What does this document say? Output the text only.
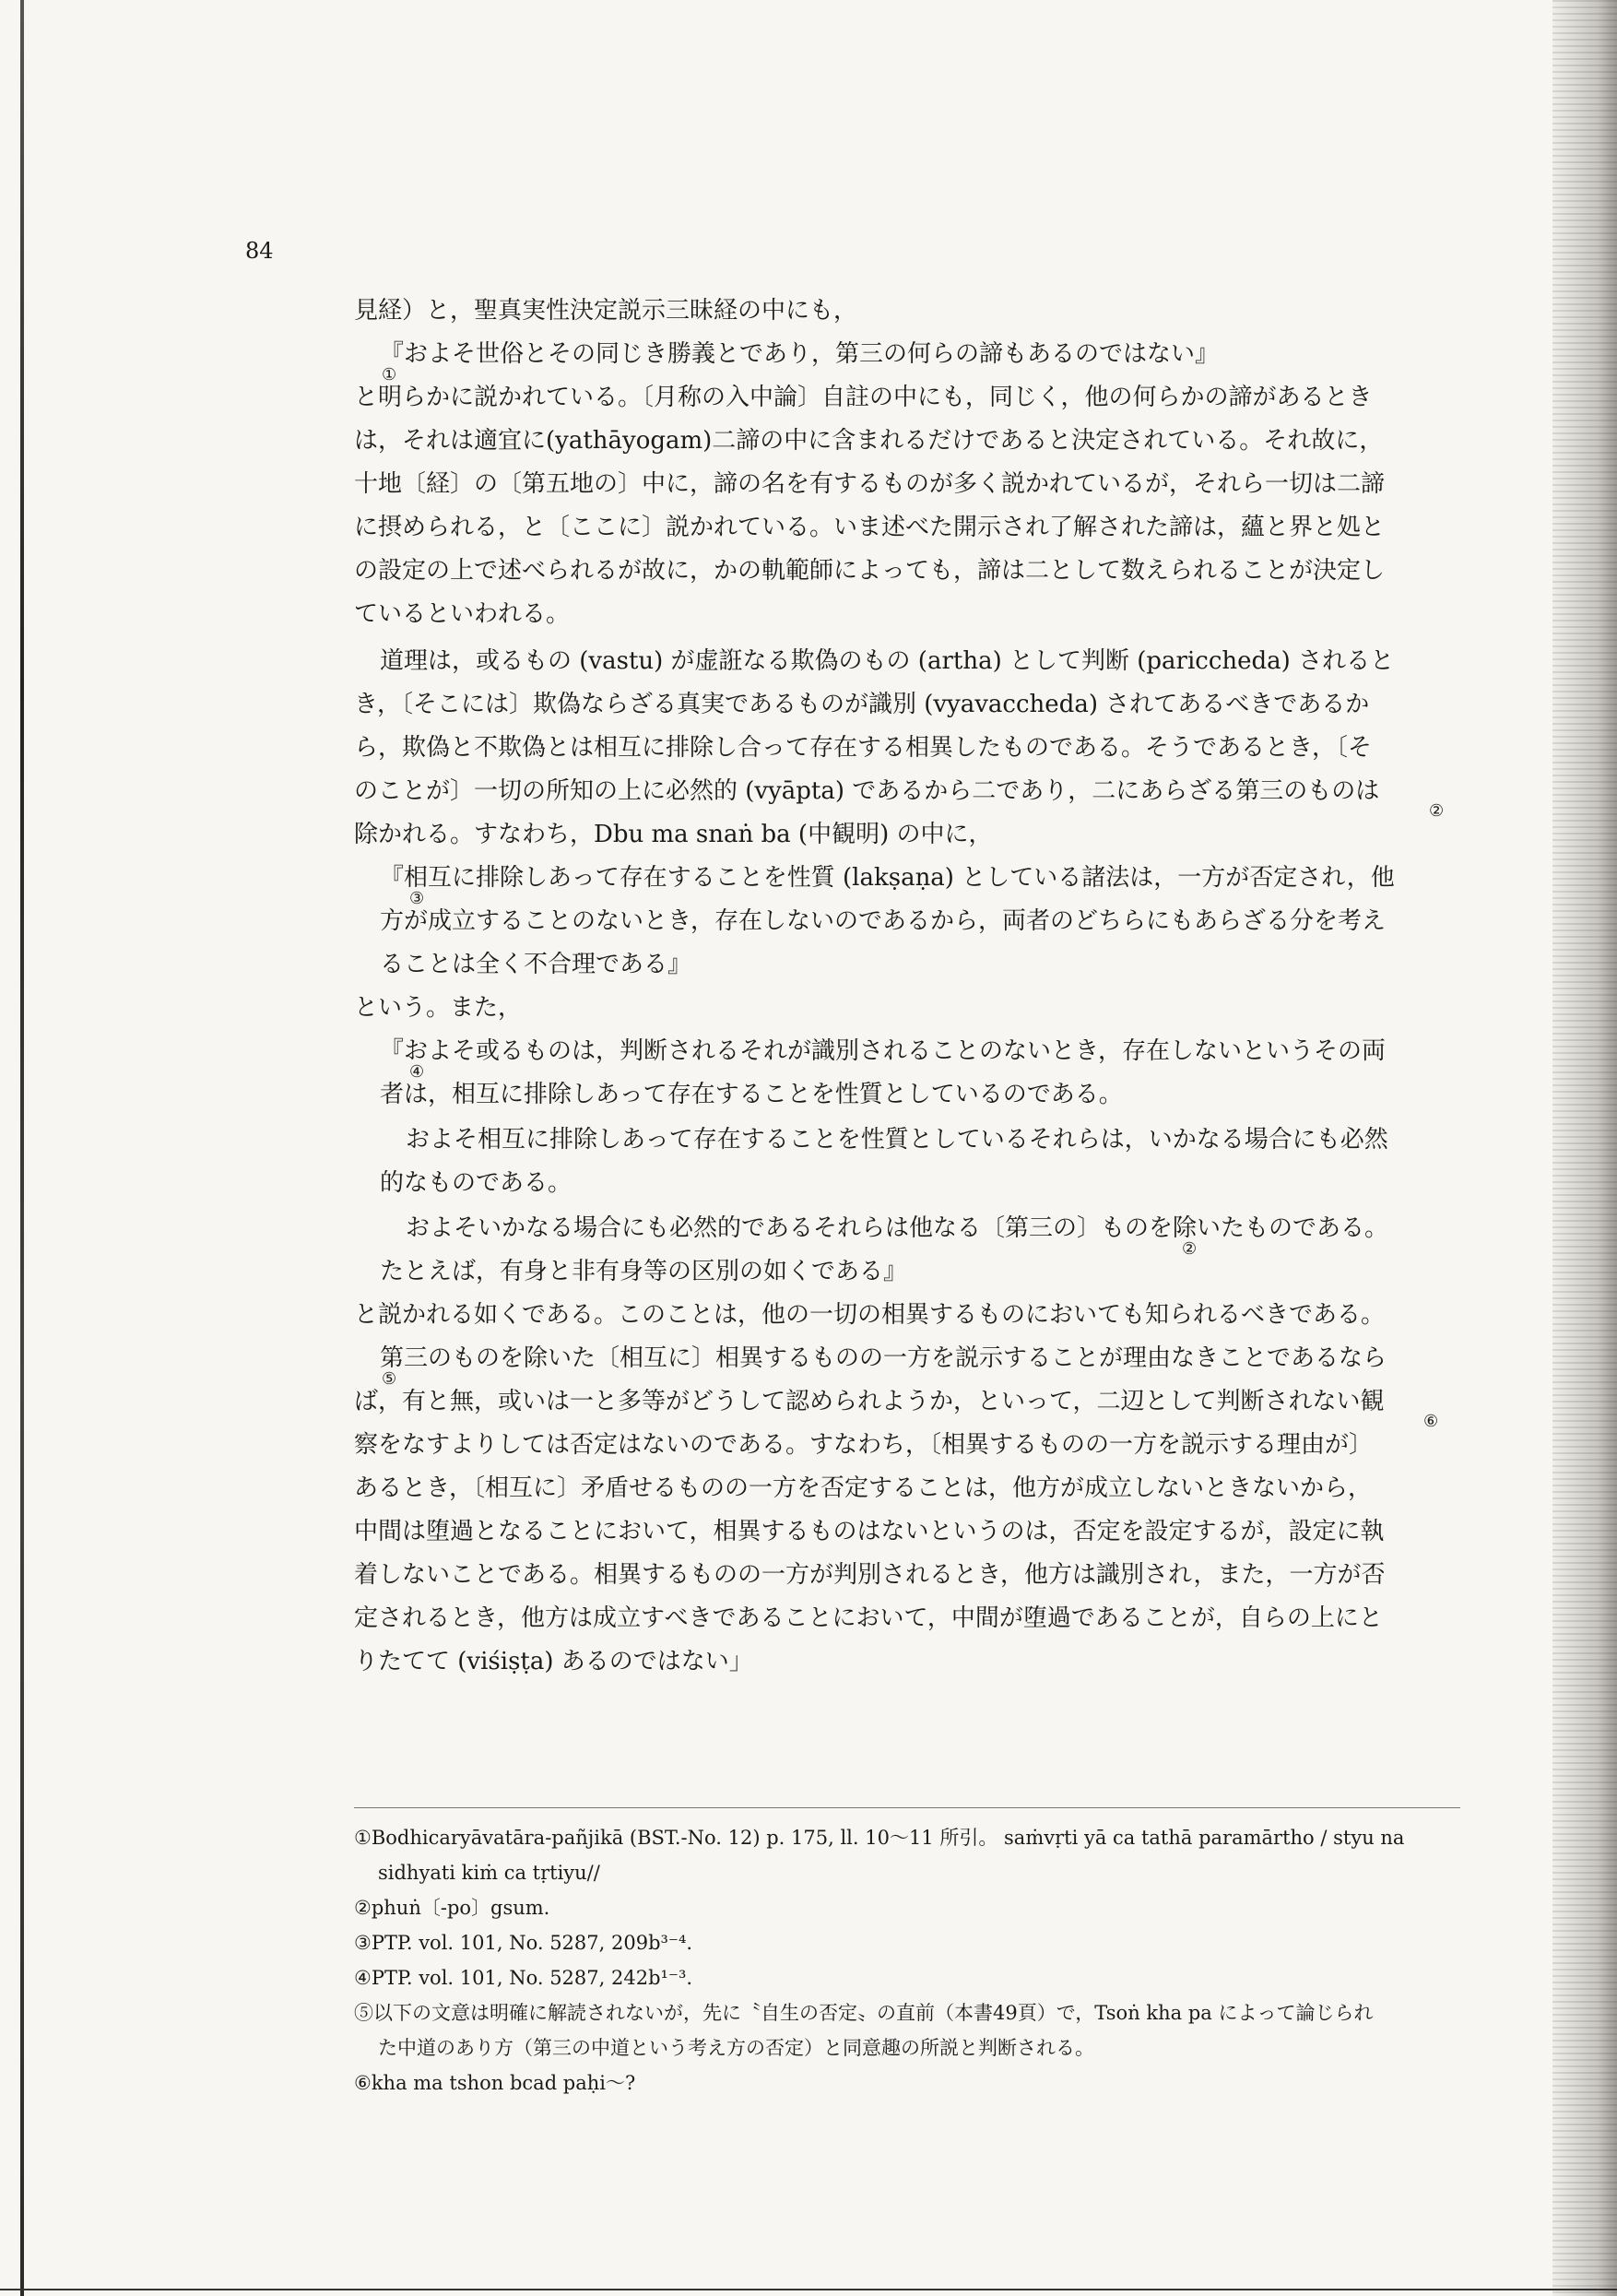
84
見経）と，聖真実性決定説示三昧経の中にも，
『およそ世俗とその同じき勝義とであり，第三の何らの諦もあるのではない』
①
と明らかに説かれている。〔月称の入中論〕自註の中にも，同じく，他の何らかの諦があるとき
は，それは適宜に(yathāyogam)二諦の中に含まれるだけであると決定されている。それ故に，
十地〔経〕の〔第五地の〕中に，諦の名を有するものが多く説かれているが，それら一切は二諦
に摂められる，と〔ここに〕説かれている。いま述べた開示され了解された諦は，蘊と界と処と
の設定の上で述べられるが故に，かの軌範師によっても，諦は二として数えられることが決定し
ているといわれる。
道理は，或るもの (vastu) が虚誑なる欺偽のもの (artha) として判断 (pariccheda) されると
き，〔そこには〕欺偽ならざる真実であるものが識別 (vyavaccheda) されてあるべきであるか
ら，欺偽と不欺偽とは相互に排除し合って存在する相異したものである。そうであるとき，〔そ
のことが〕一切の所知の上に必然的 (vyāpta) であるから二であり，二にあらざる第三のものは
②
除かれる。すなわち，Dbu ma snaṅ ba (中観明) の中に，
『相互に排除しあって存在することを性質 (lakṣaṇa) としている諸法は，一方が否定され，他
③
方が成立することのないとき，存在しないのであるから，両者のどちらにもあらざる分を考え
ることは全く不合理である』
という。また，
『およそ或るものは，判断されるそれが識別されることのないとき，存在しないというその両
④
者は，相互に排除しあって存在することを性質としているのである。
およそ相互に排除しあって存在することを性質としているそれらは，いかなる場合にも必然
的なものである。
およそいかなる場合にも必然的であるそれらは他なる〔第三の〕ものを除いたものである。
②
たとえば，有身と非有身等の区別の如くである』
と説かれる如くである。このことは，他の一切の相異するものにおいても知られるべきである。
第三のものを除いた〔相互に〕相異するものの一方を説示することが理由なきことであるなら
⑤
ば，有と無，或いは一と多等がどうして認められようか，といって，二辺として判断されない観
⑥
察をなすよりしては否定はないのである。すなわち，〔相異するものの一方を説示する理由が〕
あるとき，〔相互に〕矛盾せるものの一方を否定することは，他方が成立しないときないから，
中間は堕過となることにおいて，相異するものはないというのは，否定を設定するが，設定に執
着しないことである。相異するものの一方が判別されるとき，他方は識別され，また，一方が否
定されるとき，他方は成立すべきであることにおいて，中間が堕過であることが，自らの上にと
りたてて (viśiṣṭa) あるのではない」
①Bodhicaryāvatāra-pañjikā (BST.-No. 12) p. 175, ll. 10～11 所引。 saṁvṛti yā ca tathā paramārtho / styu na
sidhyati kiṁ ca tṛtiyu//
②phuṅ〔-po〕gsum.
③PTP. vol. 101, No. 5287, 209b³⁻⁴.
④PTP. vol. 101, No. 5287, 242b¹⁻³.
⑤以下の文意は明確に解読されないが，先に〝自生の否定〟の直前（本書49頁）で，Tsoṅ kha pa によって論じられ
た中道のあり方（第三の中道という考え方の否定）と同意趣の所説と判断される。
⑥kha ma tshon bcad paḥi～?
